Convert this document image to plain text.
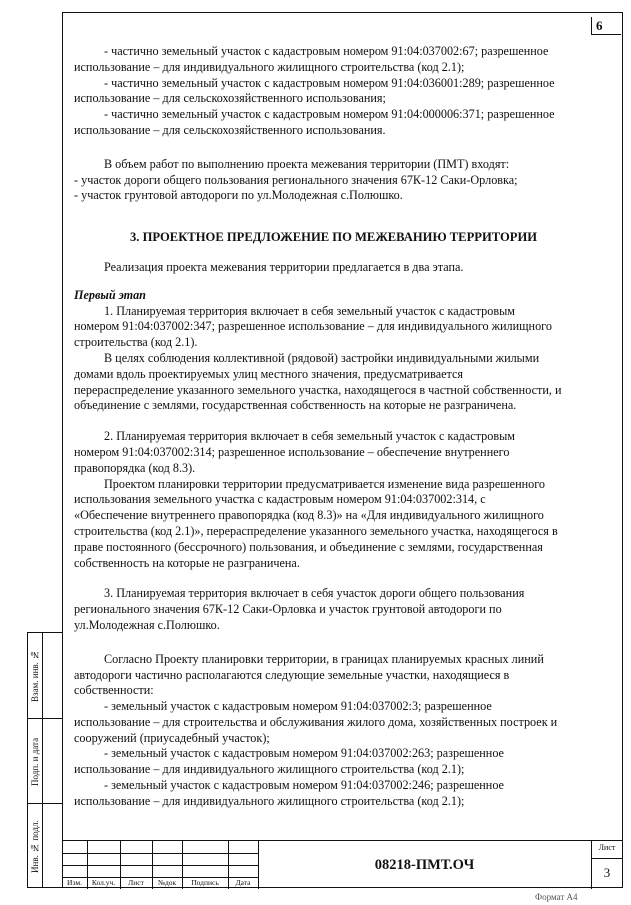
6

- частично земельный участок с кадастровым номером 91:04:037002:67; разрешенное

использование – для индивидуального жилищного строительства (код 2.1);

- частично земельный участок с кадастровым номером 91:04:036001:289; разрешенное

использование – для сельскохозяйственного использования;

- частично земельный участок с кадастровым номером 91:04:000006:371; разрешенное

использование – для сельскохозяйственного использования.

В объем работ по выполнению проекта межевания территории (ПМТ) входят:

- участок дороги общего пользования регионального значения 67К-12 Саки-Орловка;

- участок грунтовой автодороги по ул.Молодежная с.Полюшко.

3. ПРОЕКТНОЕ ПРЕДЛОЖЕНИЕ ПО МЕЖЕВАНИЮ ТЕРРИТОРИИ

Реализация проекта межевания территории предлагается в два этапа.

Первый этап

1. Планируемая территория включает в себя земельный участок с кадастровым

номером 91:04:037002:347; разрешенное использование – для индивидуального жилищного

строительства (код 2.1).

В целях соблюдения коллективной (рядовой) застройки индивидуальными жилыми

домами вдоль проектируемых улиц местного значения, предусматривается

перераспределение указанного земельного участка, находящегося в частной собственности, и

объединение с землями, государственная собственность на которые не разграничена.

2. Планируемая территория включает в себя земельный участок с кадастровым

номером 91:04:037002:314; разрешенное использование – обеспечение внутреннего

правопорядка (код 8.3).

Проектом планировки территории предусматривается изменение вида разрешенного

использования земельного участка с кадастровым номером 91:04:037002:314, с

«Обеспечение внутреннего правопорядка (код 8.3)» на «Для индивидуального жилищного

строительства (код 2.1)», перераспределение указанного земельного участка, находящегося в

праве постоянного (бессрочного) пользования, и объединение с землями, государственная

собственность на которые не разграничена.

3. Планируемая территория включает в себя участок дороги общего пользования

регионального значения 67К-12 Саки-Орловка и участок грунтовой автодороги по

ул.Молодежная с.Полюшко.

Согласно Проекту планировки территории, в границах планируемых красных линий

автодороги частично располагаются следующие земельные участки, находящиеся в

собственности:

- земельный участок с кадастровым номером 91:04:037002:3; разрешенное

использование – для строительства и обслуживания жилого дома, хозяйственных построек и

сооружений (приусадебный участок);

- земельный участок с кадастровым номером 91:04:037002:263; разрешенное

использование – для индивидуального жилищного строительства (код 2.1);

- земельный участок с кадастровым номером 91:04:037002:246; разрешенное

использование – для индивидуального жилищного строительства (код 2.1);

Взам. инв. №
Подп. и дата
Инв. № подл.
Изм.	Кол.уч.	Лист	№док	Подпись	Дата
08218-ПМТ.ОЧ
Лист
3
Формат А4
